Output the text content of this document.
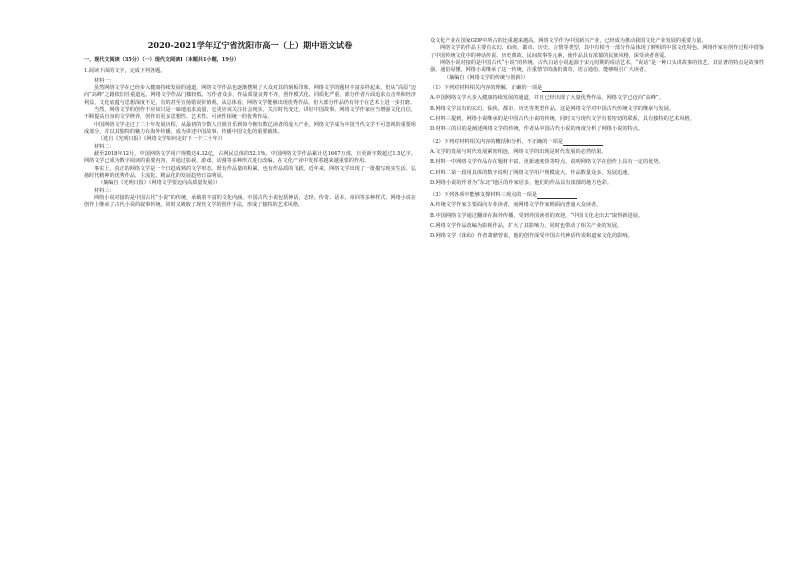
2020-2021学年辽宁省沈阳市高一（上）期中语文试卷
一、现代文阅读（35分）（一）现代文阅读Ⅰ（本题共1小题，19分）
1.阅读下面的文字，完成下列各题。
材料一：
虽然网络文学在已经步入健康持续发展的通道，网络文学作品也逐渐摆脱了大众对其的刻板印象，网络文学的题材丰富多样起来，但从“高原”迈向“高峰”之路依旧任重道远。网络文学作品门槛较低、写作者众多，作品质量良莠不齐，创作模式化、同质化严重，部分作者片面追求点击率和经济利益，文化底蕴与思想深度不足，有的甚至宣扬错误价值观。从总体看，网络文学能够出现优秀作品，但大部分作品仍有待于在艺术上进一步打磨。
当然，网络文学的创作不应该只是一味地追求流量，它更应该关注社会现实，关注时代变迁，讲好中国故事。网络文学作家应当增强文化自信，不断提高自身的文学修养，创作出更多思想性、艺术性、可读性相统一的优秀作品。
中国网络文学走过了二十年发展历程，从最初的少数人自娱自乐到如今拥有数亿读者的庞大产业，网络文学成为中国当代文学不可忽视的重要组成部分，并以其独特的魅力在海外传播，成为讲述中国故事、传播中国文化的重要载体。
（选自《光明日报》《网络文学如何走好下一个二十年》）
材料二：
截至2018年12月，中国网络文学用户规模达4.32亿，占网民总体的52.1%。中国网络文学作品累计达1647万部，日更新字数超过1.5亿字。网络文学已成为数字阅读的重要内容，并通过影视、游戏、动漫等多种形式进行改编，在文化产业中发挥着越来越重要的作用。
事实上，真正的网络文学是一个日趋成熟的文学形态，既有作品量的积累，也有作品质的飞跃。近年来，网络文学出现了一批描写现实生活、弘扬时代精神的优秀作品，主流化、精品化的发展趋势日益明显。
（摘编自《光明日报》《网络文学要迈向高质量发展》）
材料三：
网络小说对接的是中国古代“小说”的传统，承载着丰富的文化内涵。中国古代小说包括神话、志怪、传奇、话本、章回等多种样式，网络小说在创作上继承了古代小说的叙事传统，同时又吸收了现代文学的创作手法，形成了独特的艺术风格。
众文化产业在国家GDP中所占的比重越来越高。网络文学作为中国新兴产业，已经成为推动我国文化产业发展的重要力量。
网络文学的作品主要有玄幻、仙侠、都市、历史、言情等类型，其中有相当一部分作品体现了鲜明的中国文化特色。网络作家在创作过程中借鉴了中国传统文化中的神话传说、历史典故、民间故事等元素，使作品具有浓郁的民族风格，深受读者喜爱。
网络小说对接的是中国古代“小说”的传统。古代白话小说起源于宋元时期的说话艺术，“说话”是一种口头讲故事的技艺，其显著的特点是故事性强、通俗易懂。网络小说继承了这一传统，注重情节的曲折离奇，语言通俗，能够吸引广大读者。
（摘编自《网络文学的传统与创新》）
（1）下列对材料相关内容的理解，正确的一项是
A.中国网络文学大步入健康持续发展的通道，并且已经出现了大量优秀作品，网络文学已迈向“高峰”。
B.网络文学具有的玄幻、仙侠、都市、历史等类型作品，这是网络文学对中国古代传统文学的继承与发展。
C.材料三提到，网络小说继承的是中国古代小说的传统，同时又与现代文学有着密切的联系，具有独特的艺术风格。
D.材料三的目的是阐述网络文学的传统，作者从中国古代小说的角度分析了网络小说的特点。
（2）下列对材料相关内容的概括和分析，不正确的一项是
A.文学的发展与时代发展紧密相连，网络文学的出现是时代发展的必然结果。
B.材料一中网络文学作品存在题材丰富、更新速度快等特点，说明网络文学在创作上具有一定的优势。
C.材料二第一段用具体的数字说明了网络文学用户规模庞大，作品数量众多，发展迅速。
D.网络小说的作者为“东北”地区的作家居多，他们的作品具有浓郁的地方色彩。
（3）下列各项中能够支撑材料三观点的一项是
A.传统文学作家主要面向专业读者，而网络文学作家则面向普通大众读者。
B.中国网络文学通过翻译在海外传播，受到外国读者的欢迎，“中国文化走出去”取得新进展。
C.网络文学作品改编为影视作品，扩大了其影响力，同时也带动了相关产业的发展。
D.网络文学《诛仙》作者萧鼎曾说，他的创作深受中国古代神话传说和道家文化的影响。
